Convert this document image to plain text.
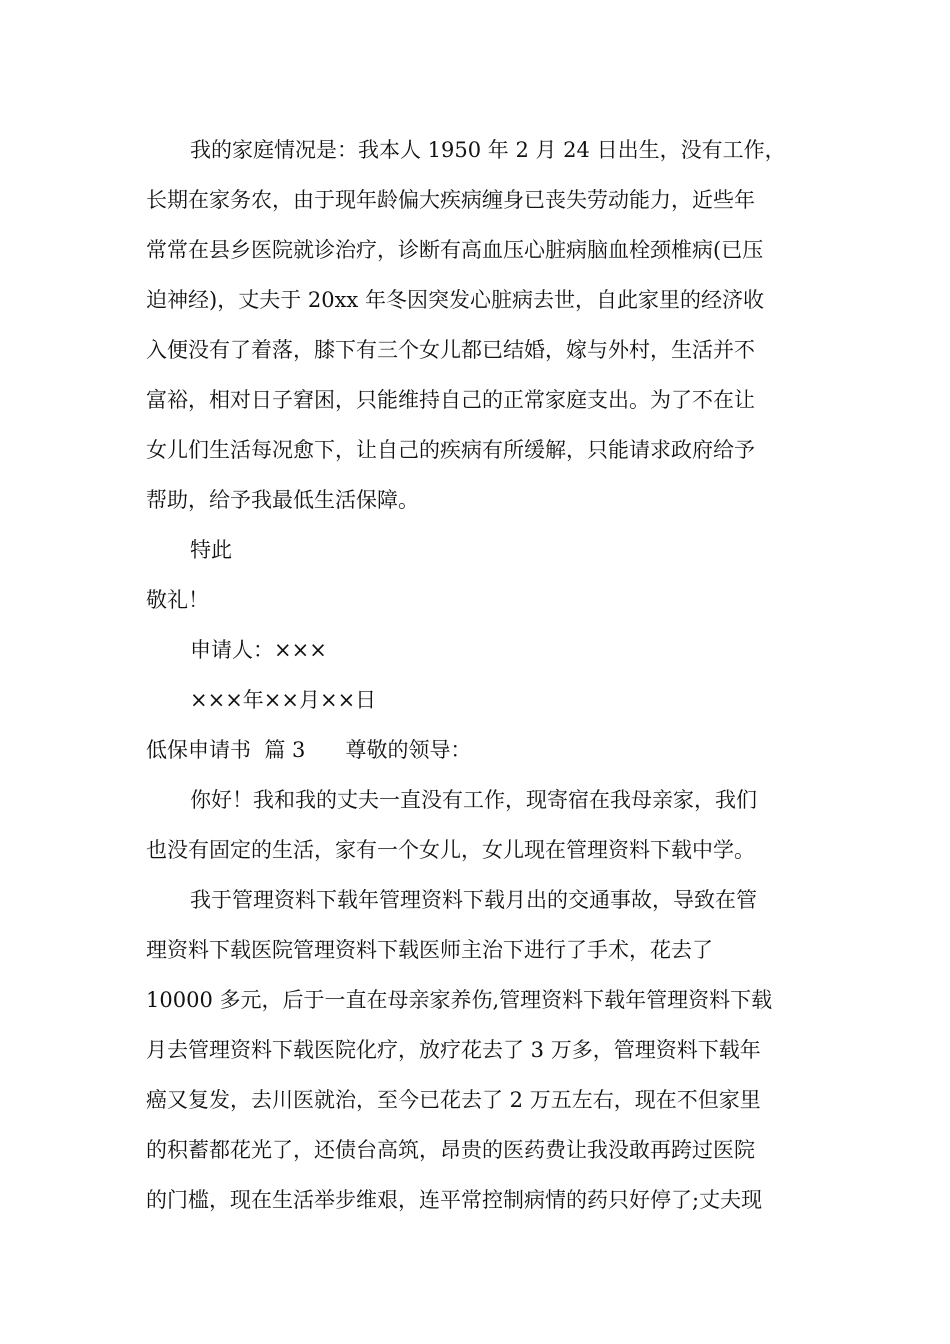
我的家庭情况是：我本人 1950 年 2 月 24 日出生，没有工作，
长期在家务农，由于现年龄偏大疾病缠身已丧失劳动能力，近些年
常常在县乡医院就诊治疗，诊断有高血压心脏病脑血栓颈椎病(已压
迫神经)，丈夫于 20xx 年冬因突发心脏病去世，自此家里的经济收
入便没有了着落，膝下有三个女儿都已结婚，嫁与外村，生活并不
富裕，相对日子窘困，只能维持自己的正常家庭支出。为了不在让
女儿们生活每况愈下，让自己的疾病有所缓解，只能请求政府给予
帮助，给予我最低生活保障。
特此
敬礼！
申请人：×××
×××年××月××日
低保申请书  篇 3      尊敬的领导：
你好！我和我的丈夫一直没有工作，现寄宿在我母亲家，我们
也没有固定的生活，家有一个女儿，女儿现在管理资料下载中学。
我于管理资料下载年管理资料下载月出的交通事故，导致在管
理资料下载医院管理资料下载医师主治下进行了手术，花去了
10000 多元，后于一直在母亲家养伤,管理资料下载年管理资料下载
月去管理资料下载医院化疗，放疗花去了 3 万多，管理资料下载年
癌又复发，去川医就治，至今已花去了 2 万五左右，现在不但家里
的积蓄都花光了，还债台高筑，昂贵的医药费让我没敢再跨过医院
的门槛，现在生活举步维艰，连平常控制病情的药只好停了;丈夫现
